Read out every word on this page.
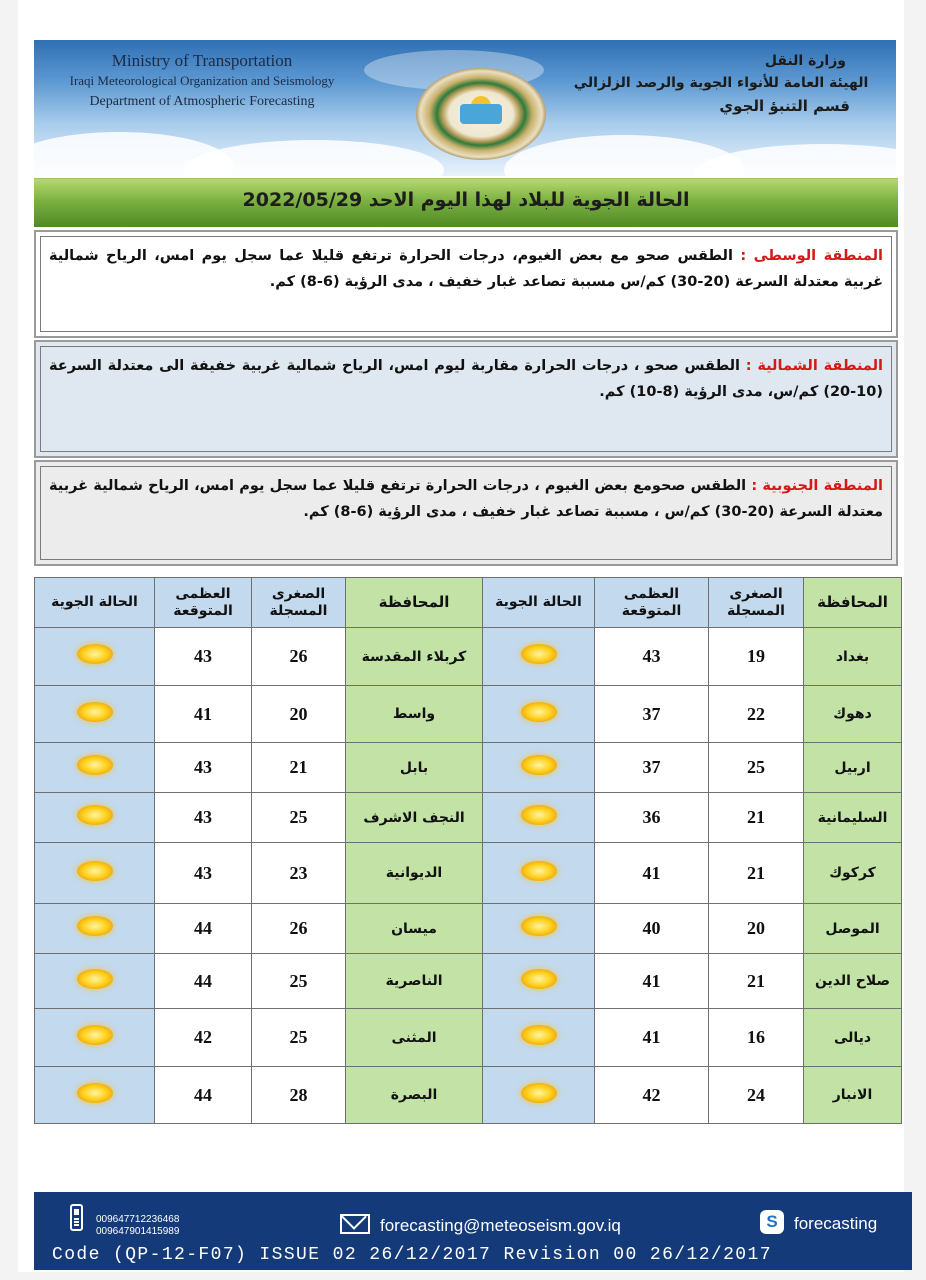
Ministry of Transportation
Iraqi Meteorological Organization and Seismology
Department of Atmospheric Forecasting
وزارة النقل
الهيئة العامة للأنواء الجوية والرصد الزلزالي
قسم التنبؤ الجوي
الحالة الجوية للبلاد لهذا اليوم الاحد 2022/05/29
المنطقة الوسطى : الطقس صحو مع بعض الغيوم، درجات الحرارة ترتفع قليلا عما سجل يوم امس، الرياح شمالية غربية معتدلة السرعة (20-30) كم/س مسببة تصاعد غبار خفيف ، مدى الرؤية (6-8) كم.
المنطقة الشمالية : الطقس صحو ، درجات الحرارة مقاربة ليوم امس، الرياح شمالية غربية خفيفة الى معتدلة السرعة (10-20) كم/س، مدى الرؤية (8-10) كم.
المنطقة الجنوبية : الطقس صحومع بعض الغيوم ، درجات الحرارة ترتفع قليلا عما سجل يوم امس، الرياح شمالية غربية معتدلة السرعة (20-30) كم/س ، مسببة تصاعد غبار خفيف ، مدى الرؤية (6-8) كم.
الحالة الجوية	العظمى المتوقعة	الصغرى المسجلة	المحافظة	الحالة الجوية	العظمى المتوقعة	الصغرى المسجلة	المحافظة
	43	26	كربلاء المقدسة		43	19	بغداد
	41	20	واسط		37	22	دهوك
	43	21	بابل		37	25	اربيل
	43	25	النجف الاشرف		36	21	السليمانية
	43	23	الديوانية		41	21	كركوك
	44	26	ميسان		40	20	الموصل
	44	25	الناصرية		41	21	صلاح الدين
	42	25	المثنى		41	16	ديالى
	44	28	البصرة		42	24	الانبار
009647712236468
009647901415989	forecasting@meteoseism.gov.iq	S forecasting
Code (QP-12-F07) ISSUE 02 26/12/2017 Revision 00 26/12/2017
